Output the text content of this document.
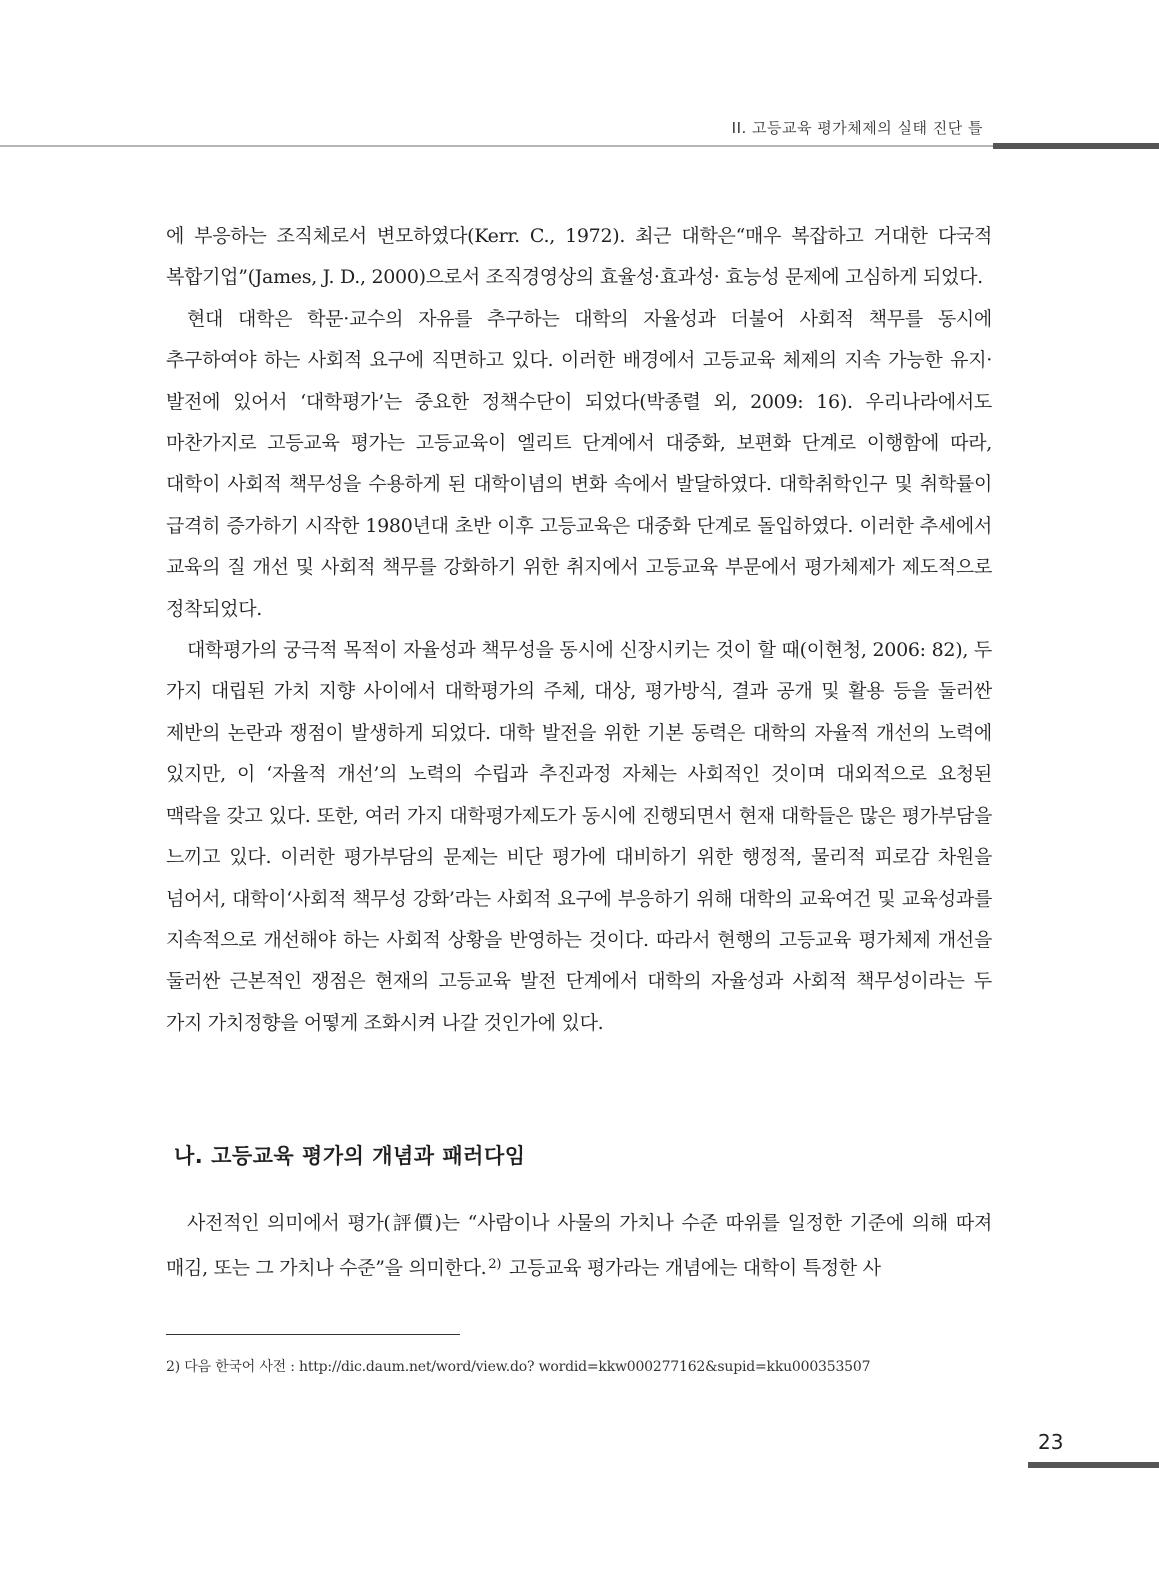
II. 고등교육 평가체제의 실태 진단 틀

에 부응하는 조직체로서 변모하였다(Kerr. C., 1972). 최근 대학은“매우 복잡하고 거대한 다국적 복합기업”(James, J. D., 2000)으로서 조직경영상의 효율성·효과성· 효능성 문제에 고심하게 되었다.

현대 대학은 학문·교수의 자유를 추구하는 대학의 자율성과 더불어 사회적 책무를 동시에 추구하여야 하는 사회적 요구에 직면하고 있다. 이러한 배경에서 고등교육 체제의 지속 가능한 유지· 발전에 있어서 ‘대학평가’는 중요한 정책수단이 되었다(박종렬 외, 2009: 16). 우리나라에서도 마찬가지로 고등교육 평가는 고등교육이 엘리트 단계에서 대중화, 보편화 단계로 이행함에 따라, 대학이 사회적 책무성을 수용하게 된 대학이념의 변화 속에서 발달하였다. 대학취학인구 및 취학률이 급격히 증가하기 시작한 1980년대 초반 이후 고등교육은 대중화 단계로 돌입하였다. 이러한 추세에서 교육의 질 개선 및 사회적 책무를 강화하기 위한 취지에서 고등교육 부문에서 평가체제가 제도적으로 정착되었다.

대학평가의 궁극적 목적이 자율성과 책무성을 동시에 신장시키는 것이 할 때(이현청, 2006: 82), 두 가지 대립된 가치 지향 사이에서 대학평가의 주체, 대상, 평가방식, 결과 공개 및 활용 등을 둘러싼 제반의 논란과 쟁점이 발생하게 되었다. 대학 발전을 위한 기본 동력은 대학의 자율적 개선의 노력에 있지만, 이 ‘자율적 개선’의 노력의 수립과 추진과정 자체는 사회적인 것이며 대외적으로 요청된 맥락을 갖고 있다. 또한, 여러 가지 대학평가제도가 동시에 진행되면서 현재 대학들은 많은 평가부담을 느끼고 있다. 이러한 평가부담의 문제는 비단 평가에 대비하기 위한 행정적, 물리적 피로감 차원을 넘어서, 대학이‘사회적 책무성 강화’라는 사회적 요구에 부응하기 위해 대학의 교육여건 및 교육성과를 지속적으로 개선해야 하는 사회적 상황을 반영하는 것이다. 따라서 현행의 고등교육 평가체제 개선을 둘러싼 근본적인 쟁점은 현재의 고등교육 발전 단계에서 대학의 자율성과 사회적 책무성이라는 두 가지 가치정향을 어떻게 조화시켜 나갈 것인가에 있다.

나. 고등교육 평가의 개념과 패러다임

사전적인 의미에서 평가(評價)는 “사람이나 사물의 가치나 수준 따위를 일정한 기준에 의해 따져 매김, 또는 그 가치나 수준”을 의미한다. $^{2)}$ 고등교육 평가라는 개념에는 대학이 특정한 사

2) 다음 한국어 사전 : http://dic.daum.net/word/view.do? wordid=kkw000277162&supid=kku000353507
23
